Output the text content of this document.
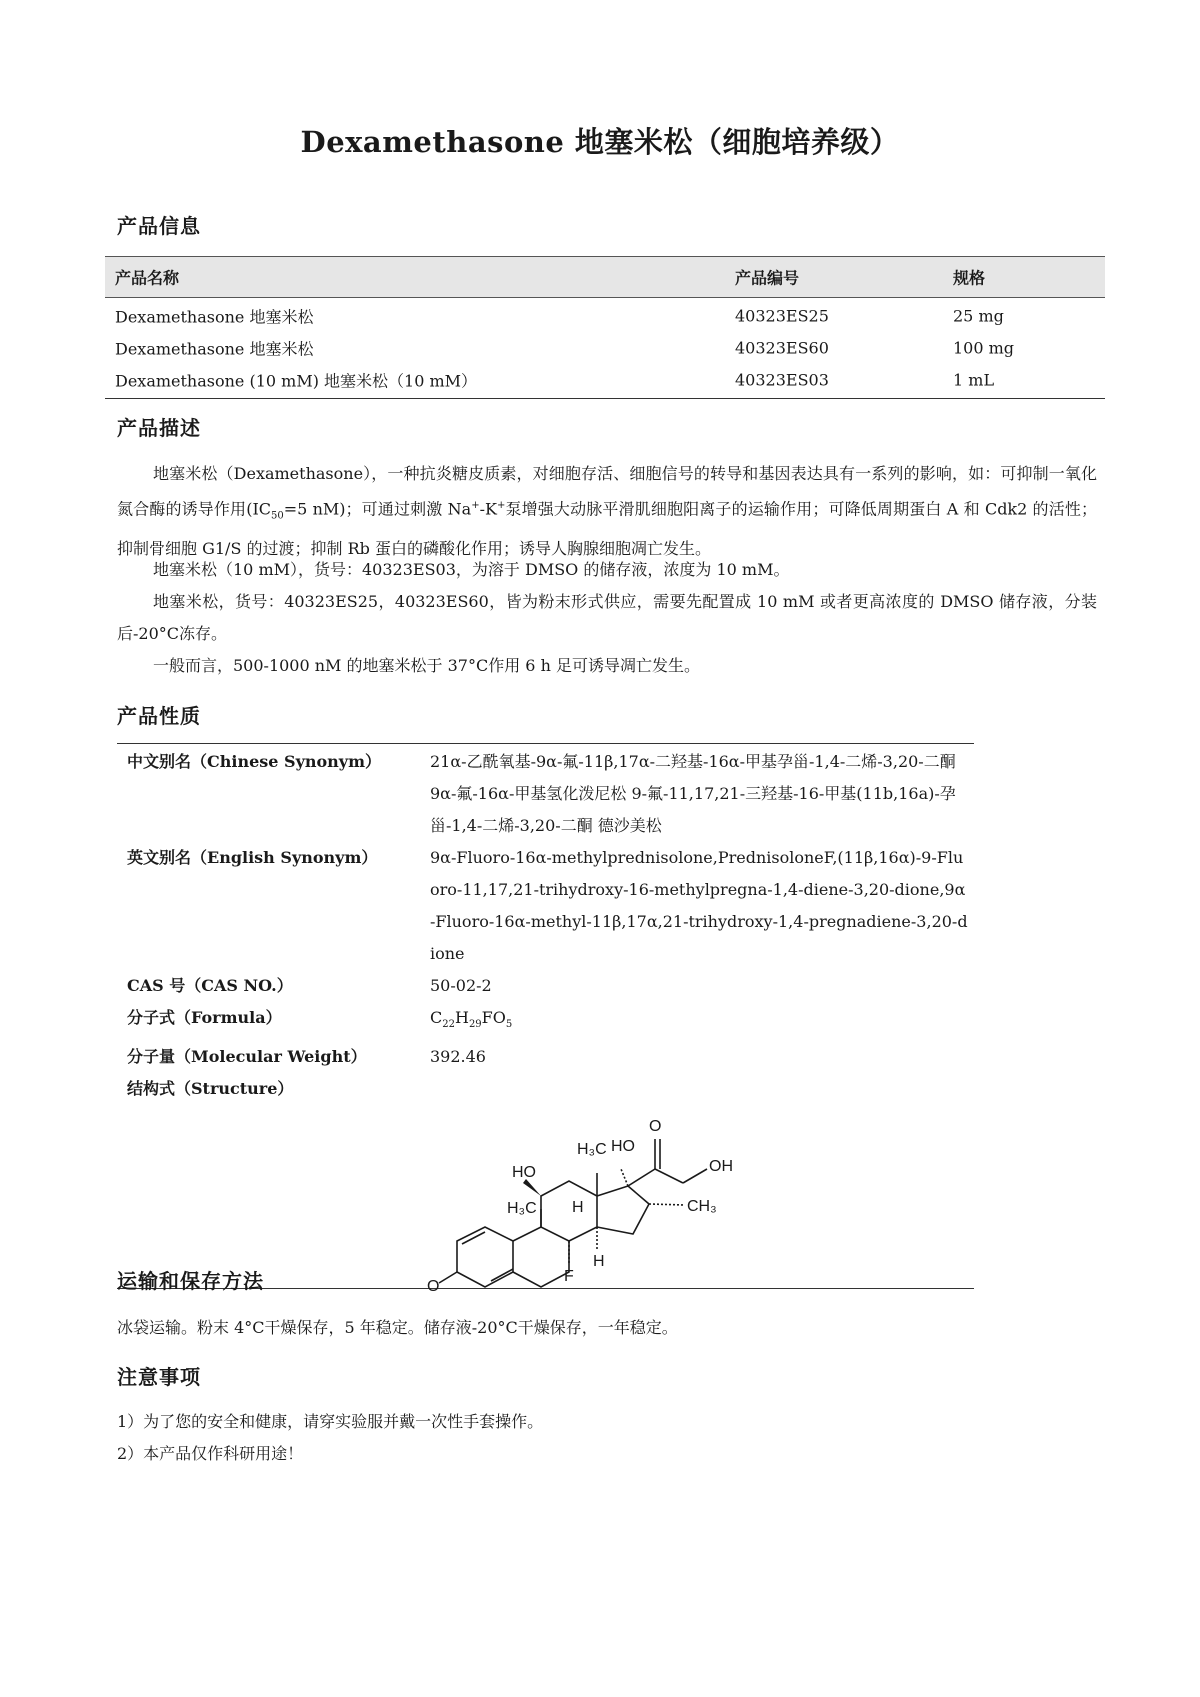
Dexamethasone 地塞米松（细胞培养级）
产品信息
产品名称	产品编号	规格
Dexamethasone 地塞米松	40323ES25	25 mg
Dexamethasone 地塞米松	40323ES60	100 mg
Dexamethasone (10 mM) 地塞米松（10 mM）	40323ES03	1 mL
产品描述

地塞米松（Dexamethasone），一种抗炎糖皮质素，对细胞存活、细胞信号的转导和基因表达具有一系列的影响，如：可抑制一氧化氮合酶的诱导作用($IC_{50}=5$ nM)；可通过刺激 Na+-K+泵增强大动脉平滑肌细胞阳离子的运输作用；可降低周期蛋白 A 和 Cdk2 的活性；抑制骨细胞 G1/S 的过渡；抑制 Rb 蛋白的磷酸化作用；诱导人胸腺细胞凋亡发生。

地塞米松（10 mM），货号：40323ES03，为溶于 DMSO 的储存液，浓度为 10 mM。

地塞米松，货号：40323ES25，40323ES60，皆为粉末形式供应，需要先配置成 10 mM 或者更高浓度的 DMSO 储存液，分装后-20°C冻存。

一般而言，500-1000 nM 的地塞米松于 37°C作用 6 h 足可诱导凋亡发生。

产品性质
中文别名（Chinese Synonym）	21α-乙酰氧基-9α-氟-11β,17α-二羟基-16α-甲基孕甾-1,4-二烯-3,20-二酮 9α-氟-16α-甲基氢化泼尼松 9-氟-11,17,21-三羟基-16-甲基(11b,16a)-孕甾-1,4-二烯-3,20-二酮 德沙美松
英文别名（English Synonym）	9α-Fluoro-16α-methylprednisolone,PrednisoloneF,(11β,16α)-9-Fluoro-11,17,21-trihydroxy-16-methylpregna-1,4-diene-3,20-dione,9α-Fluoro-16α-methyl-11β,17α,21-trihydroxy-1,4-pregnadiene-3,20-dione
CAS 号（CAS NO.）	50-02-2
分子式（Formula）	$C_{22}H_{29}FO_5$
分子量（Molecular Weight）	392.46
结构式（Structure）
HO
H₃C HO
O
OH
H₃C H	CH₃
F
H
O
运输和保存方法
冰袋运输。粉末 4°C干燥保存，5 年稳定。储存液-20°C干燥保存，一年稳定。
注意事项
1）为了您的安全和健康，请穿实验服并戴一次性手套操作。
2）本产品仅作科研用途！
